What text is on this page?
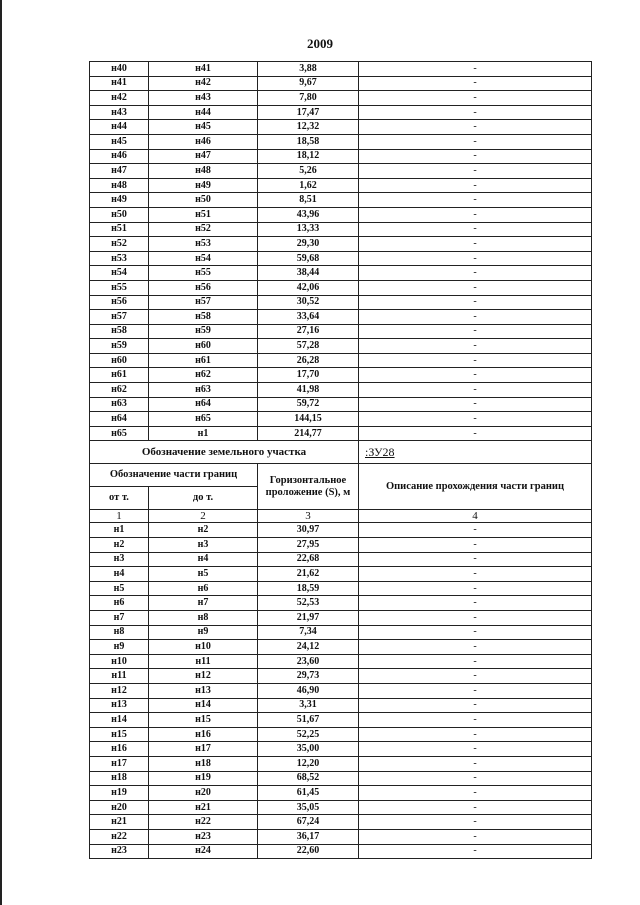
2009
н40	н41	3,88	-
н41	н42	9,67	-
н42	н43	7,80	-
н43	н44	17,47	-
н44	н45	12,32	-
н45	н46	18,58	-
н46	н47	18,12	-
н47	н48	5,26	-
н48	н49	1,62	-
н49	н50	8,51	-
н50	н51	43,96	-
н51	н52	13,33	-
н52	н53	29,30	-
н53	н54	59,68	-
н54	н55	38,44	-
н55	н56	42,06	-
н56	н57	30,52	-
н57	н58	33,64	-
н58	н59	27,16	-
н59	н60	57,28	-
н60	н61	26,28	-
н61	н62	17,70	-
н62	н63	41,98	-
н63	н64	59,72	-
н64	н65	144,15	-
н65	н1	214,77	-
Обозначение земельного участка			:ЗУ28
Обозначение части границ		Горизонтальное проложение (S), м	Описание прохождения части границ
от т.	до т.		
1	2	3	4
н1	н2	30,97	-
н2	н3	27,95	-
н3	н4	22,68	-
н4	н5	21,62	-
н5	н6	18,59	-
н6	н7	52,53	-
н7	н8	21,97	-
н8	н9	7,34	-
н9	н10	24,12	-
н10	н11	23,60	-
н11	н12	29,73	-
н12	н13	46,90	-
н13	н14	3,31	-
н14	н15	51,67	-
н15	н16	52,25	-
н16	н17	35,00	-
н17	н18	12,20	-
н18	н19	68,52	-
н19	н20	61,45	-
н20	н21	35,05	-
н21	н22	67,24	-
н22	н23	36,17	-
н23	н24	22,60	-
